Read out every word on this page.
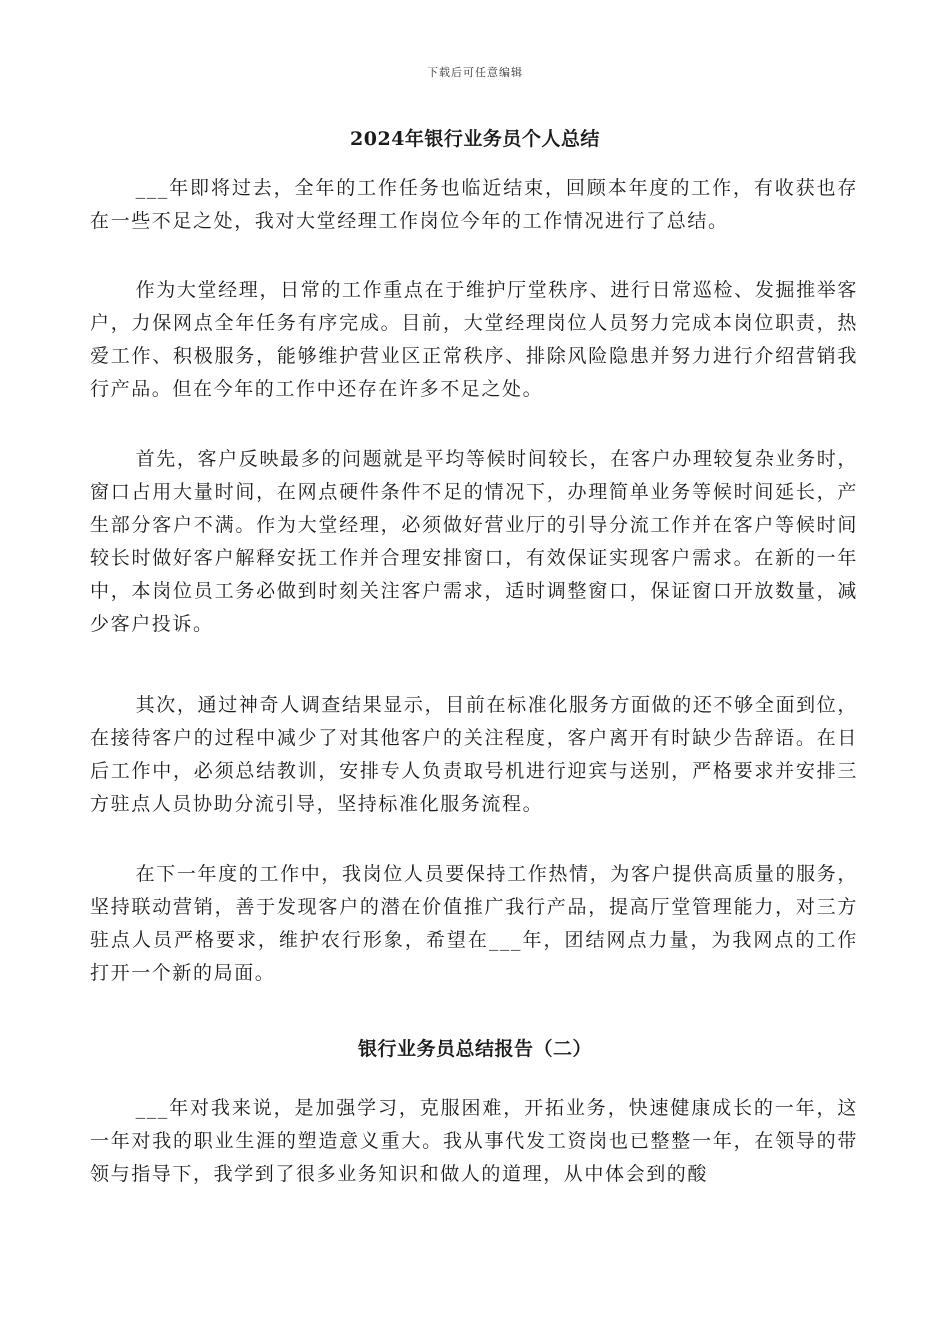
下载后可任意编辑
2024年银行业务员个人总结

___年即将过去，全年的工作任务也临近结束，回顾本年度的工作，有收获也存在一些不足之处，我对大堂经理工作岗位今年的工作情况进行了总结。

作为大堂经理，日常的工作重点在于维护厅堂秩序、进行日常巡检、发掘推举客户，力保网点全年任务有序完成。目前，大堂经理岗位人员努力完成本岗位职责，热爱工作、积极服务，能够维护营业区正常秩序、排除风险隐患并努力进行介绍营销我行产品。但在今年的工作中还存在许多不足之处。

首先，客户反映最多的问题就是平均等候时间较长，在客户办理较复杂业务时，窗口占用大量时间，在网点硬件条件不足的情况下，办理简单业务等候时间延长，产生部分客户不满。作为大堂经理，必须做好营业厅的引导分流工作并在客户等候时间较长时做好客户解释安抚工作并合理安排窗口，有效保证实现客户需求。在新的一年中，本岗位员工务必做到时刻关注客户需求，适时调整窗口，保证窗口开放数量，减少客户投诉。

其次，通过神奇人调查结果显示，目前在标准化服务方面做的还不够全面到位，在接待客户的过程中减少了对其他客户的关注程度，客户离开有时缺少告辞语。在日后工作中，必须总结教训，安排专人负责取号机进行迎宾与送别，严格要求并安排三方驻点人员协助分流引导，坚持标准化服务流程。

在下一年度的工作中，我岗位人员要保持工作热情，为客户提供高质量的服务，坚持联动营销，善于发现客户的潜在价值推广我行产品，提高厅堂管理能力，对三方驻点人员严格要求，维护农行形象，希望在___年，团结网点力量，为我网点的工作打开一个新的局面。

银行业务员总结报告（二）

___年对我来说，是加强学习，克服困难，开拓业务，快速健康成长的一年，这一年对我的职业生涯的塑造意义重大。我从事代发工资岗也已整整一年，在领导的带领与指导下，我学到了很多业务知识和做人的道理，从中体会到的酸
